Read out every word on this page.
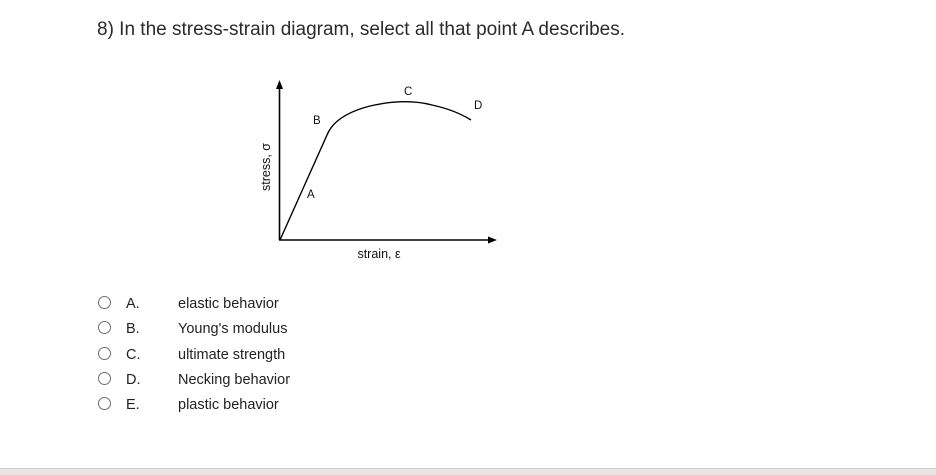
8) In the stress-strain diagram, select all that point A describes.
stress, σ
strain, ε
A
B
C
D
A.	elastic behavior
B.	Young's modulus
C.	ultimate strength
D.	Necking behavior
E.	plastic behavior
